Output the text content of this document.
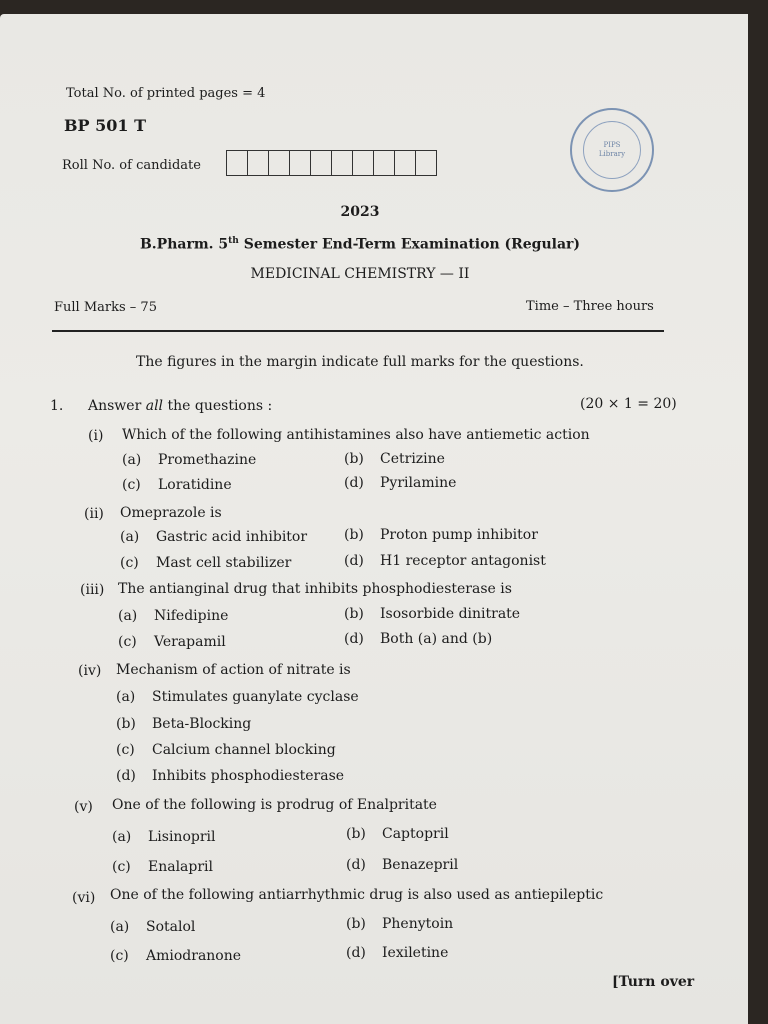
Total No. of printed pages = 4
BP 501 T
Roll No. of candidate
PIPS Library
2023
B.Pharm. 5th Semester End-Term Examination (Regular)
MEDICINAL CHEMISTRY — II
Full Marks – 75	Time – Three hours
The figures in the margin indicate full marks for the questions.
1. Answer all the questions :	(20 × 1 = 20)
(i) Which of the following antihistamines also have antiemetic action
(a) Promethazine	(b) Cetrizine
(c) Loratidine	(d) Pyrilamine
(ii) Omeprazole is
(a) Gastric acid inhibitor	(b) Proton pump inhibitor
(c) Mast cell stabilizer	(d) H1 receptor antagonist
(iii) The antianginal drug that inhibits phosphodiesterase is
(a) Nifedipine	(b) Isosorbide dinitrate
(c) Verapamil	(d) Both (a) and (b)
(iv) Mechanism of action of nitrate is
(a) Stimulates guanylate cyclase
(b) Beta-Blocking
(c) Calcium channel blocking
(d) Inhibits phosphodiesterase
(v) One of the following is prodrug of Enalpritate
(a) Lisinopril	(b) Captopril
(c) Enalapril	(d) Benazepril
(vi) One of the following antiarrhythmic drug is also used as antiepileptic
(a) Sotalol	(b) Phenytoin
(c) Amiodranone	(d) Iexiletine
[Turn over
